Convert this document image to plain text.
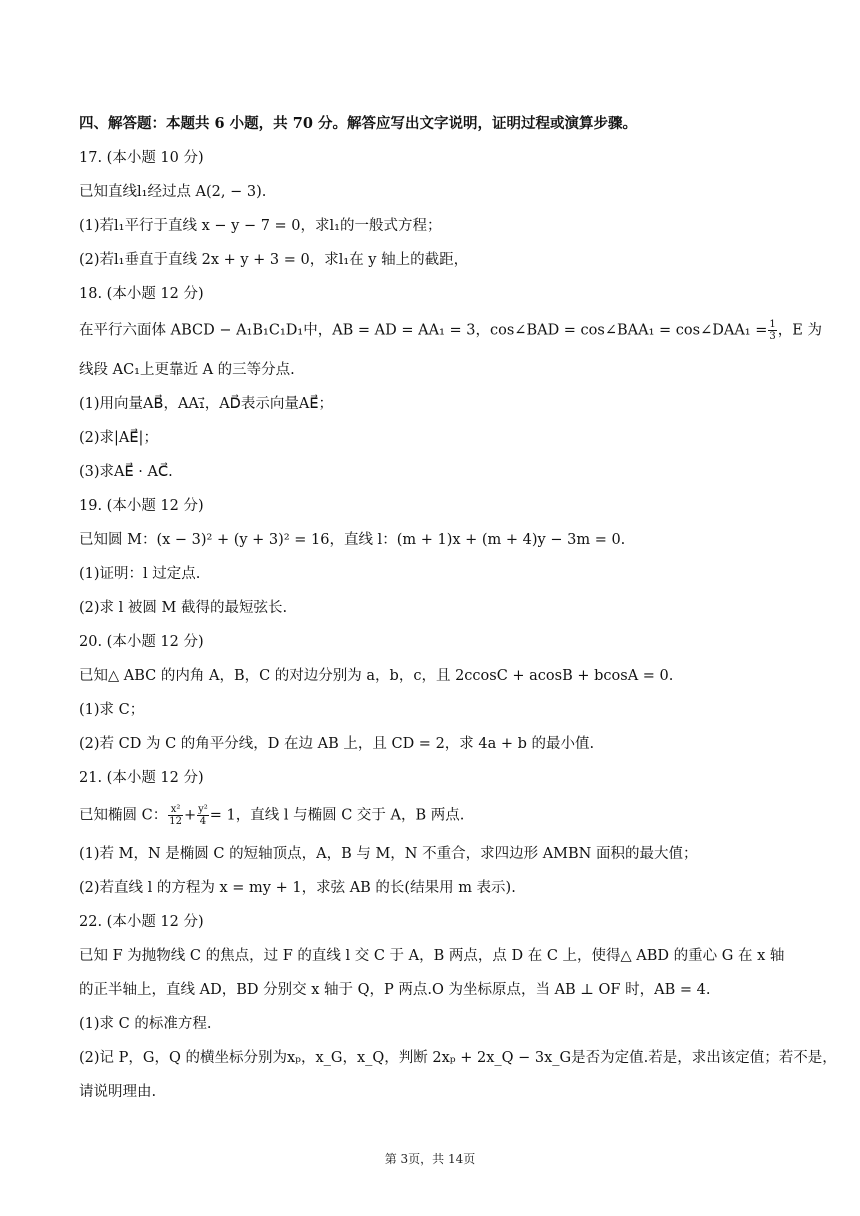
四、解答题：本题共 6 小题，共 70 分。解答应写出文字说明，证明过程或演算步骤。
17. (本小题 10 分)
已知直线l₁经过点 A(2, − 3).
(1)若l₁平行于直线 x − y − 7 = 0，求l₁的一般式方程；
(2)若l₁垂直于直线 2x + y + 3 = 0，求l₁在 y 轴上的截距，
18. (本小题 12 分)
在平行六面体 ABCD − A₁B₁C₁D₁中，AB = AD = AA₁ = 3，cos∠BAD = cos∠BAA₁ = cos∠DAA₁ = $\frac{1}{3}$ ，E 为
线段 AC₁上更靠近 A 的三等分点.
(1)用向量AB⃗，AA₁⃗，AD⃗表示向量AE⃗；
(2)求|AE⃗|；
(3)求AE⃗ · AC⃗.
19. (本小题 12 分)
已知圆 M：(x − 3)² + (y + 3)² = 16，直线 l：(m + 1)x + (m + 4)y − 3m = 0.
(1)证明：l 过定点.
(2)求 l 被圆 M 截得的最短弦长.
20. (本小题 12 分)
已知△ ABC 的内角 A，B，C 的对边分别为 a，b，c，且 2ccosC + acosB + bcosA = 0.
(1)求 C；
(2)若 CD 为 C 的角平分线，D 在边 AB 上，且 CD = 2，求 4a + b 的最小值.
21. (本小题 12 分)
已知椭圆 C： $\frac{\text{x²}}{12} + \frac{\text{y²}}{4} = 1$，直线 l 与椭圆 C 交于 A，B 两点.
(1)若 M，N 是椭圆 C 的短轴顶点，A，B 与 M，N 不重合，求四边形 AMBN 面积的最大值；
(2)若直线 l 的方程为 x = my + 1，求弦 AB 的长(结果用 m 表示).
22. (本小题 12 分)
已知 F 为抛物线 C 的焦点，过 F 的直线 l 交 C 于 A，B 两点，点 D 在 C 上，使得△ ABD 的重心 G 在 x 轴
的正半轴上，直线 AD，BD 分别交 x 轴于 Q，P 两点.O 为坐标原点，当 AB ⊥ OF 时，AB = 4.
(1)求 C 的标准方程.
(2)记 P，G，Q 的横坐标分别为xₚ，x_G，x_Q，判断 2xₚ + 2x_Q − 3x_G是否为定值.若是，求出该定值；若不是，
请说明理由.
第 3页，共 14页
